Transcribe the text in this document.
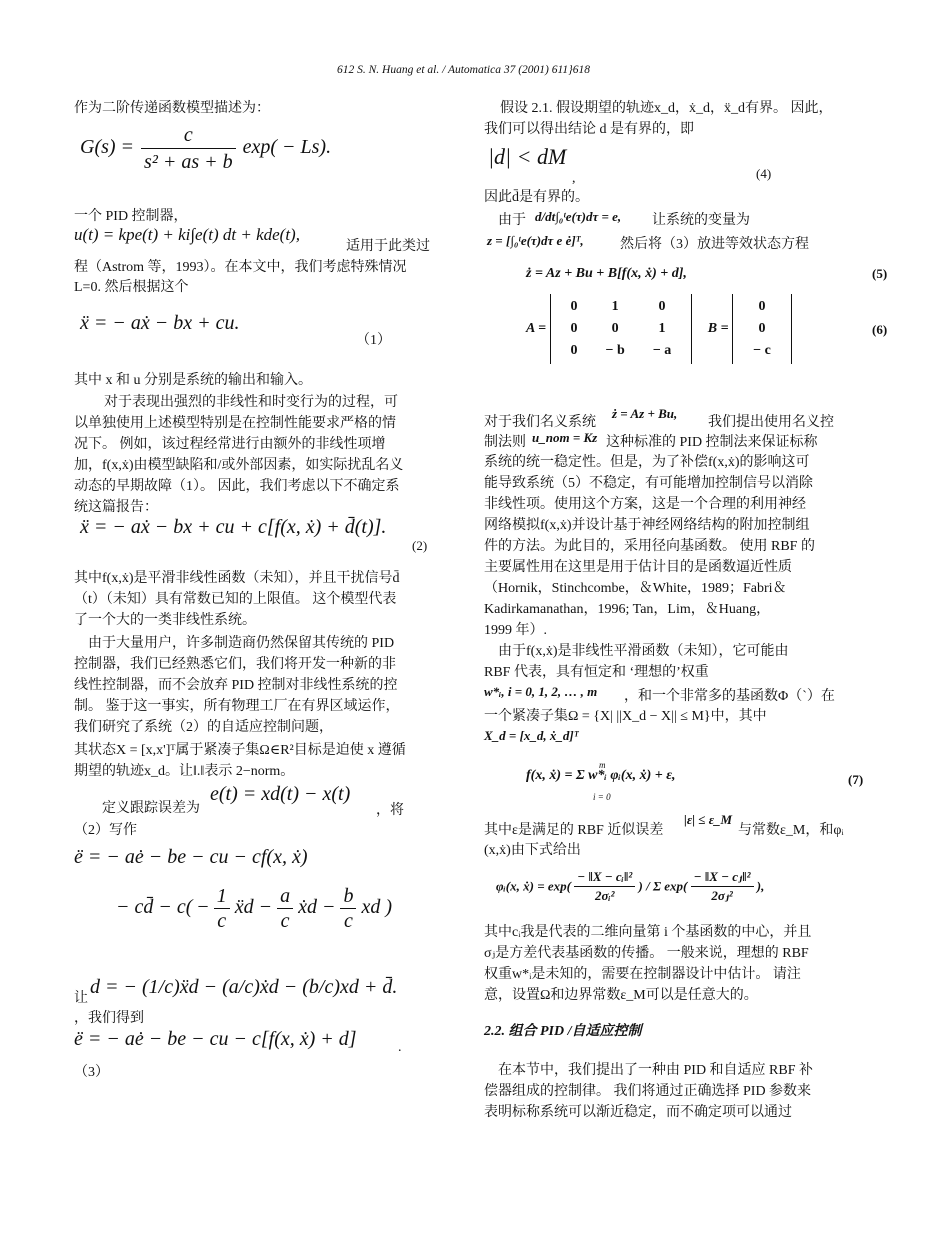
612 S. N. Huang et al. / Automatica 37 (2001) 611}618
作为二阶传递函数模型描述为：
$G(s) = \frac{c}{\text{s² + as + b}} \exp( - Ls)$.
一个 PID 控制器，
u(t) = kpe(t) + ki∫e(t) dt + kde(t),
适用于此类过
程（Astrom 等，1993）。在本文中，我们考虑特殊情况
L=0. 然后根据这个
ẍ = − aẋ − bx + cu.
（1）
其中 x 和 u 分别是系统的输出和输入。
对于表现出强烈的非线性和时变行为的过程，可
以单独使用上述模型特别是在控制性能要求严格的情
况下。 例如，该过程经常进行由额外的非线性项增
加，f(x,ẋ)由模型缺陷和/或外部因素，如实际扰乱名义
动态的早期故障（1）。 因此，我们考虑以下不确定系
统这篇报告：
ẍ = − aẋ − bx + cu + c[f(x, ẋ) + d̄(t)].
(2)
其中f(x,ẋ)是平滑非线性函数（未知），并且干扰信号d̄
（t）（未知）具有常数已知的上限值。 这个模型代表
了一个大的一类非线性系统。
由于大量用户，许多制造商仍然保留其传统的 PID
控制器，我们已经熟悉它们，我们将开发一种新的非
线性控制器，而不会放弃 PID 控制对非线性系统的控
制。 鉴于这一事实，所有物理工厂在有界区域运作，
我们研究了系统（2）的自适应控制问题，
其状态X = [x,x']ᵀ属于紧凑子集Ω∈R²目标是迫使 x 遵循
期望的轨迹x_d。让‖.‖表示 2−norm。
定义跟踪误差为
e(t) = xd(t) − x(t)
，将
（2）写作
ë = − aė − be − cu − cf(x, ẋ)
− cd̄ − $c( - \frac{1}{c}$ ẍd − $\frac{a}{c}$ ẋd − $\frac{b}{c}$ xd )
让
d = − (1/c)ẍd − (a/c)ẋd − (b/c)xd + d̄.
，我们得到
ë = − aė − be − cu − c[f(x, ẋ) + d]	.
（3）
假设 2.1. 假设期望的轨迹x_d，ẋ_d，ẍ_d有界。 因此，
我们可以得出结论 d 是有界的，即
|d| < dM
,	(4)
因此d̄是有界的。
由于 d/dt∫₀ᵗe(τ)dτ = e, 让系统的变量为
z = [∫₀ᵗe(τ)dτ e ė]ᵀ,	然后将（3）放进等效状态方程
ż = Az + Bu + B[f(x, ẋ) + d],	(5)
A =
0	1	0
0	0	1
0	− b	− a
B =
0
0
− c
(6)
对于我们名义系统
ż = Az + Bu,
我们提出使用名义控
制法则 u_nom = Kz 这种标准的 PID 控制法来保证标称
系统的统一稳定性。但是，为了补偿f(x,ẋ)的影响这可
能导致系统（5）不稳定，有可能增加控制信号以消除
非线性项。使用这个方案，这是一个合理的利用神经
网络模拟f(x,ẋ)并设计基于神经网络结构的附加控制组
件的方法。为此目的，采用径向基函数。 使用 RBF 的
主要属性用在这里是用于估计目的是函数逼近性质
（Hornik，Stinchcombe，＆White，1989；Fabri＆
Kadirkamanathan，1996; Tan，Lim，＆Huang，
1999 年）.
由于f(x,ẋ)是非线性平滑函数（未知），它可能由
RBF 代表，具有恒定和 ‘理想的’权重
w*ᵢ, i = 0, 1, 2, … , m ，和一个非常多的基函数Φ（`）在
一个紧凑子集Ω = {X| ||X_d − X|| ≤ M}中，其中
X_d = [x_d, ẋ_d]ᵀ
f(x, ẋ) = Σ w*ᵢ φᵢ(x, ẋ) + ε,
m
i = 0
(7)
其中ε是满足的 RBF 近似误差
|ε| ≤ ε_M
与常数ε_M，和φᵢ
(x,ẋ)由下式给出
φᵢ(x, ẋ) = $\exp( \frac{\text{− ‖X − cᵢ‖²}}{\text{2σᵢ²}}$ ) / Σ $\exp( \frac{\text{− ‖X − cⱼ‖²}}{\text{2σⱼ²}}$ ),
其中cᵢ我是代表的二维向量第 i 个基函数的中心，并且
σⱼ是方差代表基函数的传播。 一般来说，理想的 RBF
权重w*ᵢ是未知的，需要在控制器设计中估计。 请注
意，设置Ω和边界常数ε_M可以是任意大的。
2.2. 组合 PID /自适应控制
在本节中，我们提出了一种由 PID 和自适应 RBF 补
偿器组成的控制律。 我们将通过正确选择 PID 参数来
表明标称系统可以渐近稳定，而不确定项可以通过
